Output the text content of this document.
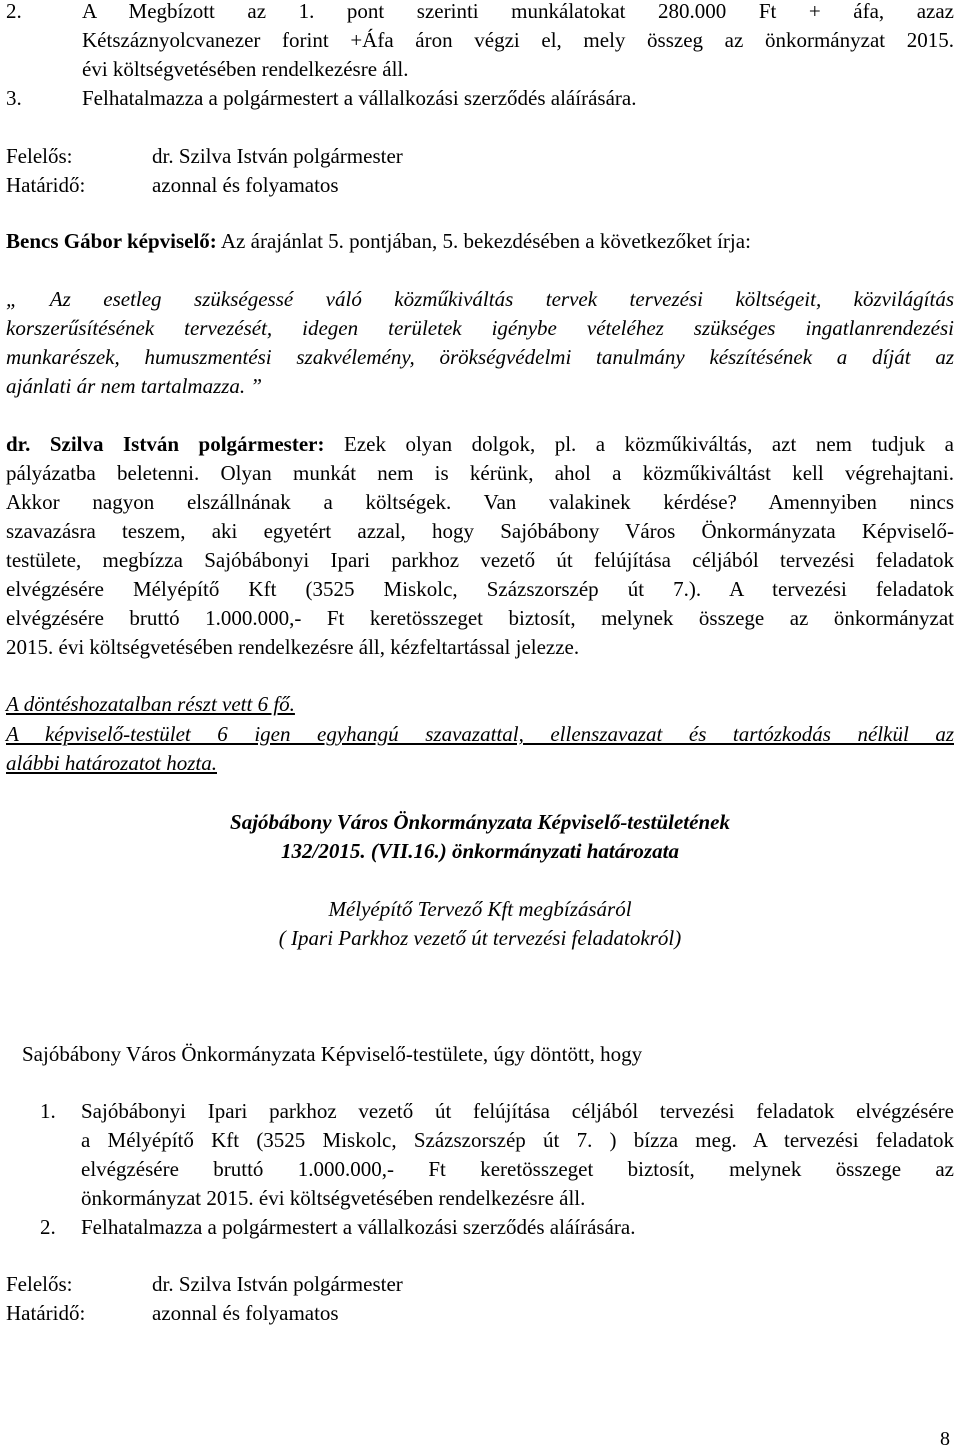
2.	A Megbízott az 1. pont szerinti munkálatokat 280.000 Ft + áfa, azaz
Kétszáznyolcvanezer forint +Áfa áron végzi el, mely összeg az önkormányzat 2015.
évi költségvetésében rendelkezésre áll.
3.	Felhatalmazza a polgármestert a vállalkozási szerződés aláírására.
Felelős:	dr. Szilva István polgármester
Határidő:	azonnal és folyamatos
Bencs Gábor képviselő: Az árajánlat 5. pontjában, 5. bekezdésében a következőket írja:
„ Az esetleg szükségessé váló közműkiváltás tervek tervezési költségeit, közvilágítás
korszerűsítésének tervezését, idegen területek igénybe vételéhez szükséges ingatlanrendezési
munkarészek, humuszmentési szakvélemény, örökségvédelmi tanulmány készítésének a díját az
ajánlati ár nem tartalmazza. ”
dr. Szilva István polgármester: Ezek olyan dolgok, pl. a közműkiváltás, azt nem tudjuk a
pályázatba beletenni. Olyan munkát nem is kérünk, ahol a közműkiváltást kell végrehajtani.
Akkor nagyon elszállnának a költségek. Van valakinek kérdése? Amennyiben nincs
szavazásra teszem, aki egyetért azzal, hogy Sajóbábony Város Önkormányzata Képviselő-
testülete, megbízza Sajóbábonyi Ipari parkhoz vezető út felújítása céljából tervezési feladatok
elvégzésére Mélyépítő Kft (3525 Miskolc, Százszorszép út 7.). A tervezési feladatok
elvégzésére bruttó 1.000.000,- Ft keretösszeget biztosít, melynek összege az önkormányzat
2015. évi költségvetésében rendelkezésre áll, kézfeltartással jelezze.
A döntéshozatalban részt vett 6 fő.
A képviselő-testület 6 igen egyhangú szavazattal, ellenszavazat és tartózkodás nélkül az
alábbi határozatot hozta.
Sajóbábony Város Önkormányzata Képviselő-testületének
132/2015. (VII.16.) önkormányzati határozata
Mélyépítő Tervező Kft megbízásáról
( Ipari Parkhoz vezető út tervezési feladatokról)
Sajóbábony Város Önkormányzata Képviselő-testülete, úgy döntött, hogy
1. Sajóbábonyi Ipari parkhoz vezető út felújítása céljából tervezési feladatok elvégzésére
a Mélyépítő Kft (3525 Miskolc, Százszorszép út 7. ) bízza meg. A tervezési feladatok
elvégzésére bruttó 1.000.000,- Ft keretösszeget biztosít, melynek összege az
önkormányzat 2015. évi költségvetésében rendelkezésre áll.
2. Felhatalmazza a polgármestert a vállalkozási szerződés aláírására.
Felelős:	dr. Szilva István polgármester
Határidő:	azonnal és folyamatos
8
